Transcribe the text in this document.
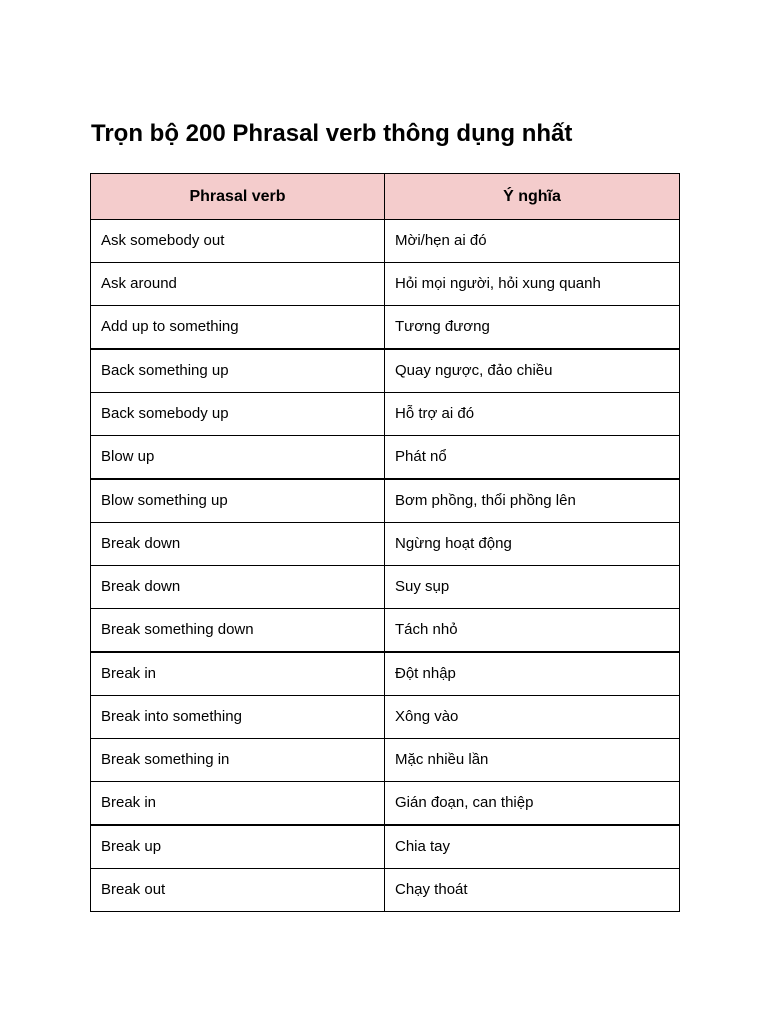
Trọn bộ 200 Phrasal verb thông dụng nhất
Phrasal verb	Ý nghĩa
Ask somebody out	Mời/hẹn ai đó
Ask around	Hỏi mọi người, hỏi xung quanh
Add up to something	Tương đương
Back something up	Quay ngược, đảo chiều
Back somebody up	Hỗ trợ ai đó
Blow up	Phát nổ
Blow something up	Bơm phồng, thổi phồng lên
Break down	Ngừng hoạt động
Break down	Suy sụp
Break something down	Tách nhỏ
Break in	Đột nhập
Break into something	Xông vào
Break something in	Mặc nhiều lần
Break in	Gián đoạn, can thiệp
Break up	Chia tay
Break out	Chạy thoát
